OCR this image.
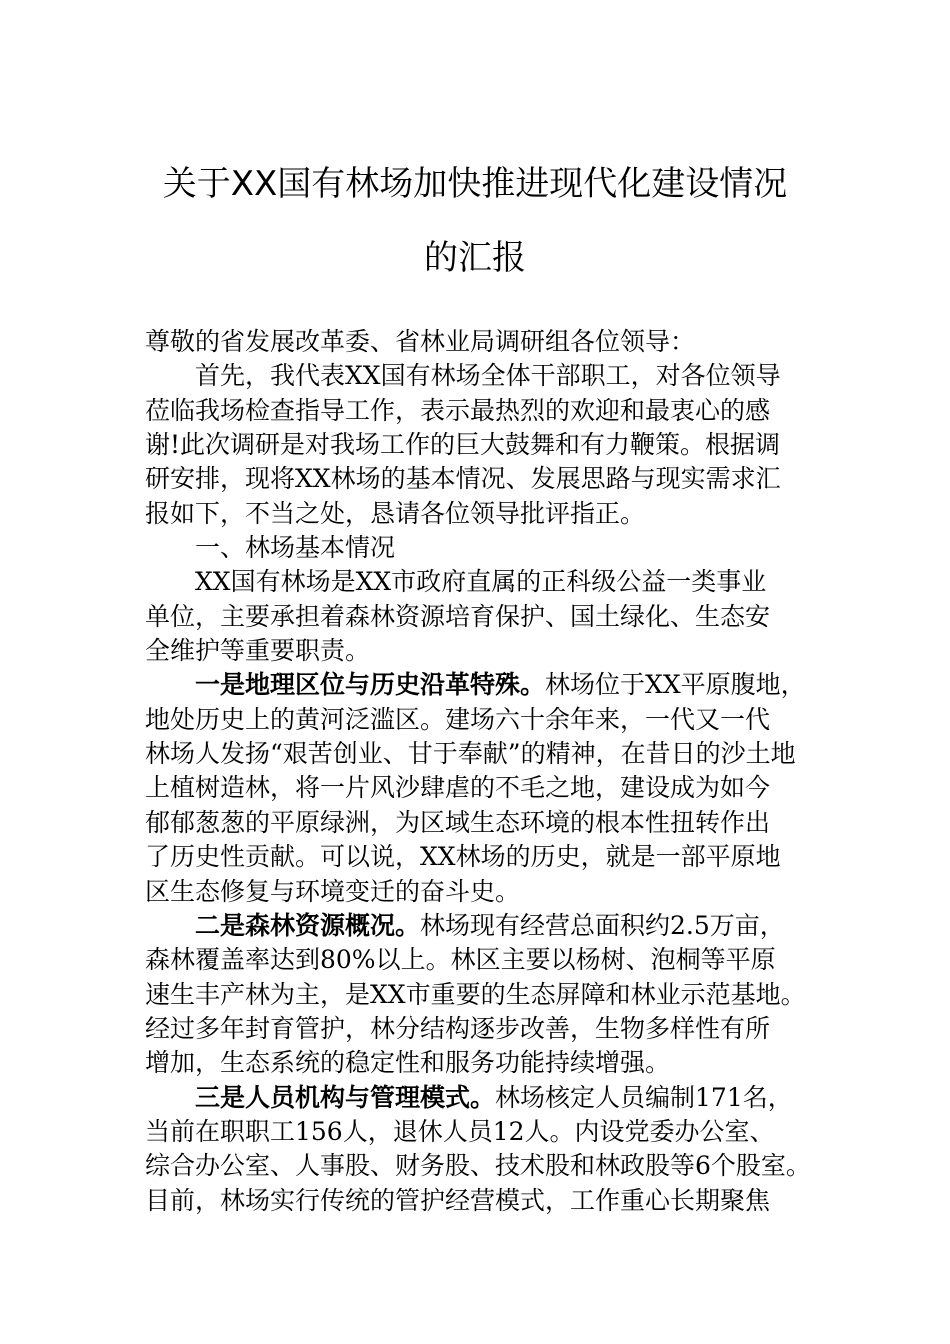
关于XX国有林场加快推进现代化建设情况
的汇报
尊敬的省发展改革委、省林业局调研组各位领导：
首先，我代表XX国有林场全体干部职工，对各位领导
莅临我场检查指导工作，表示最热烈的欢迎和最衷心的感
谢!此次调研是对我场工作的巨大鼓舞和有力鞭策。根据调
研安排，现将XX林场的基本情况、发展思路与现实需求汇
报如下，不当之处，恳请各位领导批评指正。
一、林场基本情况
XX国有林场是XX市政府直属的正科级公益一类事业
单位，主要承担着森林资源培育保护、国土绿化、生态安
全维护等重要职责。
一是地理区位与历史沿革特殊。林场位于XX平原腹地，
地处历史上的黄河泛滥区。建场六十余年来，一代又一代
林场人发扬“艰苦创业、甘于奉献”的精神，在昔日的沙土地
上植树造林，将一片风沙肆虐的不毛之地，建设成为如今
郁郁葱葱的平原绿洲，为区域生态环境的根本性扭转作出
了历史性贡献。可以说，XX林场的历史，就是一部平原地
区生态修复与环境变迁的奋斗史。
二是森林资源概况。林场现有经营总面积约2.5万亩，
森林覆盖率达到80%以上。林区主要以杨树、泡桐等平原
速生丰产林为主，是XX市重要的生态屏障和林业示范基地。
经过多年封育管护，林分结构逐步改善，生物多样性有所
增加，生态系统的稳定性和服务功能持续增强。
三是人员机构与管理模式。林场核定人员编制171名，
当前在职职工156人，退休人员12人。内设党委办公室、
综合办公室、人事股、财务股、技术股和林政股等6个股室。
目前，林场实行传统的管护经营模式，工作重心长期聚焦
